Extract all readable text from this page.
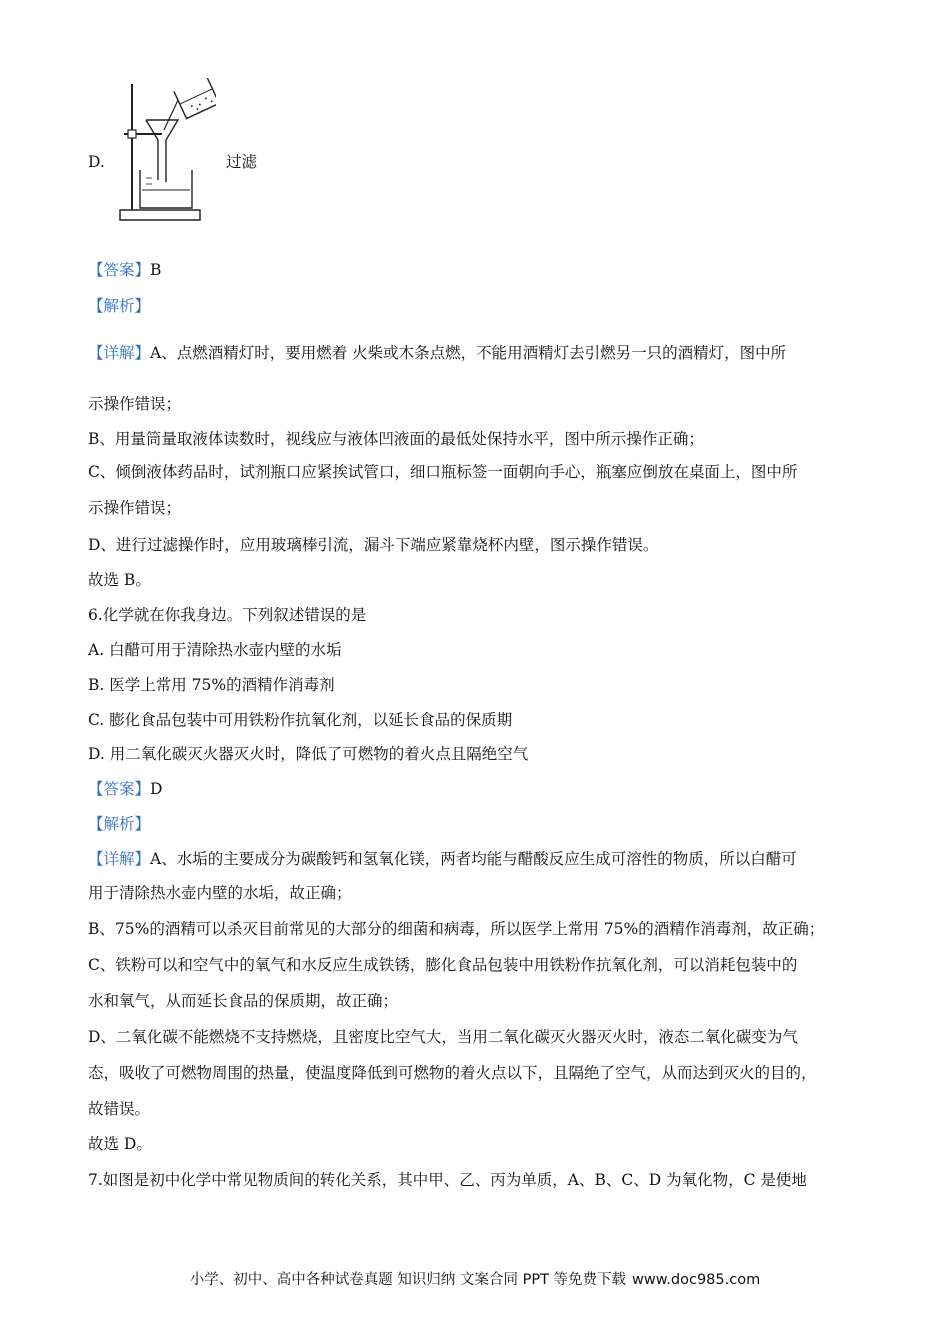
D.	过滤
【答案】B
【解析】
【详解】A、点燃酒精灯时，要用燃着 火柴或木条点燃，不能用酒精灯去引燃另一只的酒精灯，图中所
示操作错误；
B、用量筒量取液体读数时，视线应与液体凹液面的最低处保持水平，图中所示操作正确；
C、倾倒液体药品时，试剂瓶口应紧挨试管口，细口瓶标签一面朝向手心，瓶塞应倒放在桌面上，图中所
示操作错误；
D、进行过滤操作时，应用玻璃棒引流，漏斗下端应紧靠烧杯内壁，图示操作错误。
故选 B。
6.化学就在你我身边。下列叙述错误的是
A. 白醋可用于清除热水壶内壁的水垢
B. 医学上常用 75%的酒精作消毒剂
C. 膨化食品包装中可用铁粉作抗氧化剂，以延长食品的保质期
D. 用二氧化碳灭火器灭火时，降低了可燃物的着火点且隔绝空气
【答案】D
【解析】
【详解】A、水垢的主要成分为碳酸钙和氢氧化镁，两者均能与醋酸反应生成可溶性的物质，所以白醋可
用于清除热水壶内壁的水垢，故正确；
B、75%的酒精可以杀灭目前常见的大部分的细菌和病毒，所以医学上常用 75%的酒精作消毒剂，故正确；
C、铁粉可以和空气中的氧气和水反应生成铁锈，膨化食品包装中用铁粉作抗氧化剂，可以消耗包装中的
水和氧气，从而延长食品的保质期，故正确；
D、二氧化碳不能燃烧不支持燃烧，且密度比空气大，当用二氧化碳灭火器灭火时，液态二氧化碳变为气
态，吸收了可燃物周围的热量，使温度降低到可燃物的着火点以下，且隔绝了空气，从而达到灭火的目的，
故错误。
故选 D。
7.如图是初中化学中常见物质间的转化关系，其中甲、乙、丙为单质，A、B、C、D 为氧化物，C 是使地
小学、初中、高中各种试卷真题 知识归纳 文案合同 PPT 等免费下载 www.doc985.com
